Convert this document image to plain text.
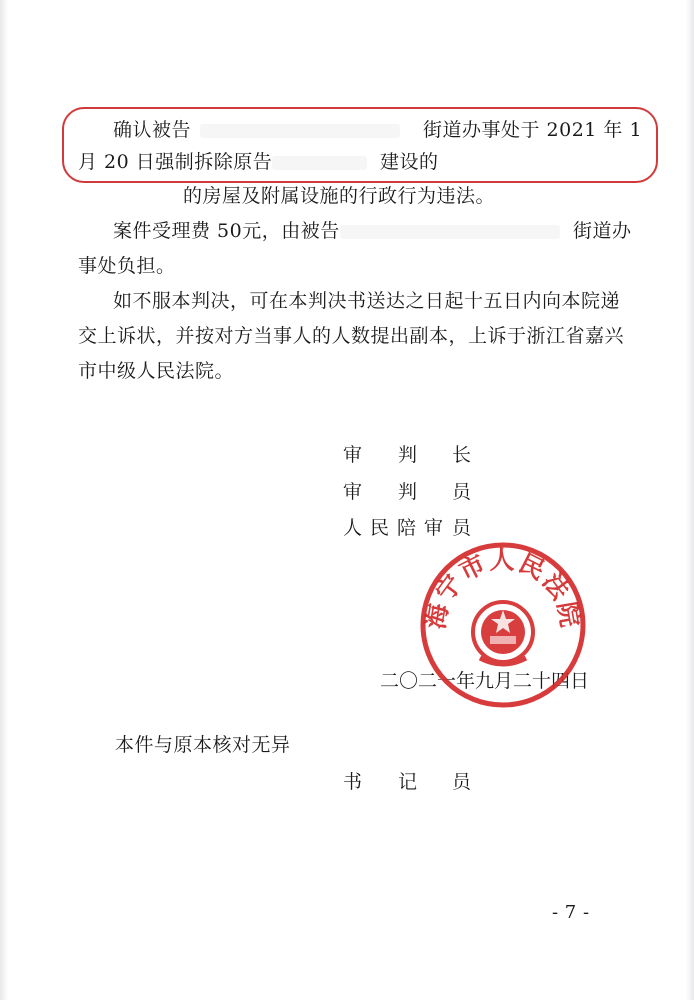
确认被告	街道办事处于 2021 年 1
月 20 日强制拆除原告	建设的
的房屋及附属设施的行政行为违法。
案件受理费 50元，由被告	街道办
事处负担。
如不服本判决，可在本判决书送达之日起十五日内向本院递
交上诉状，并按对方当事人的人数提出副本，上诉于浙江省嘉兴
市中级人民法院。
审 判 长
审 判 员
人 民 陪 审 员
二〇二一年九月二十四日
海宁市人民法院
本件与原本核对无异
书 记 员
- 7 -
